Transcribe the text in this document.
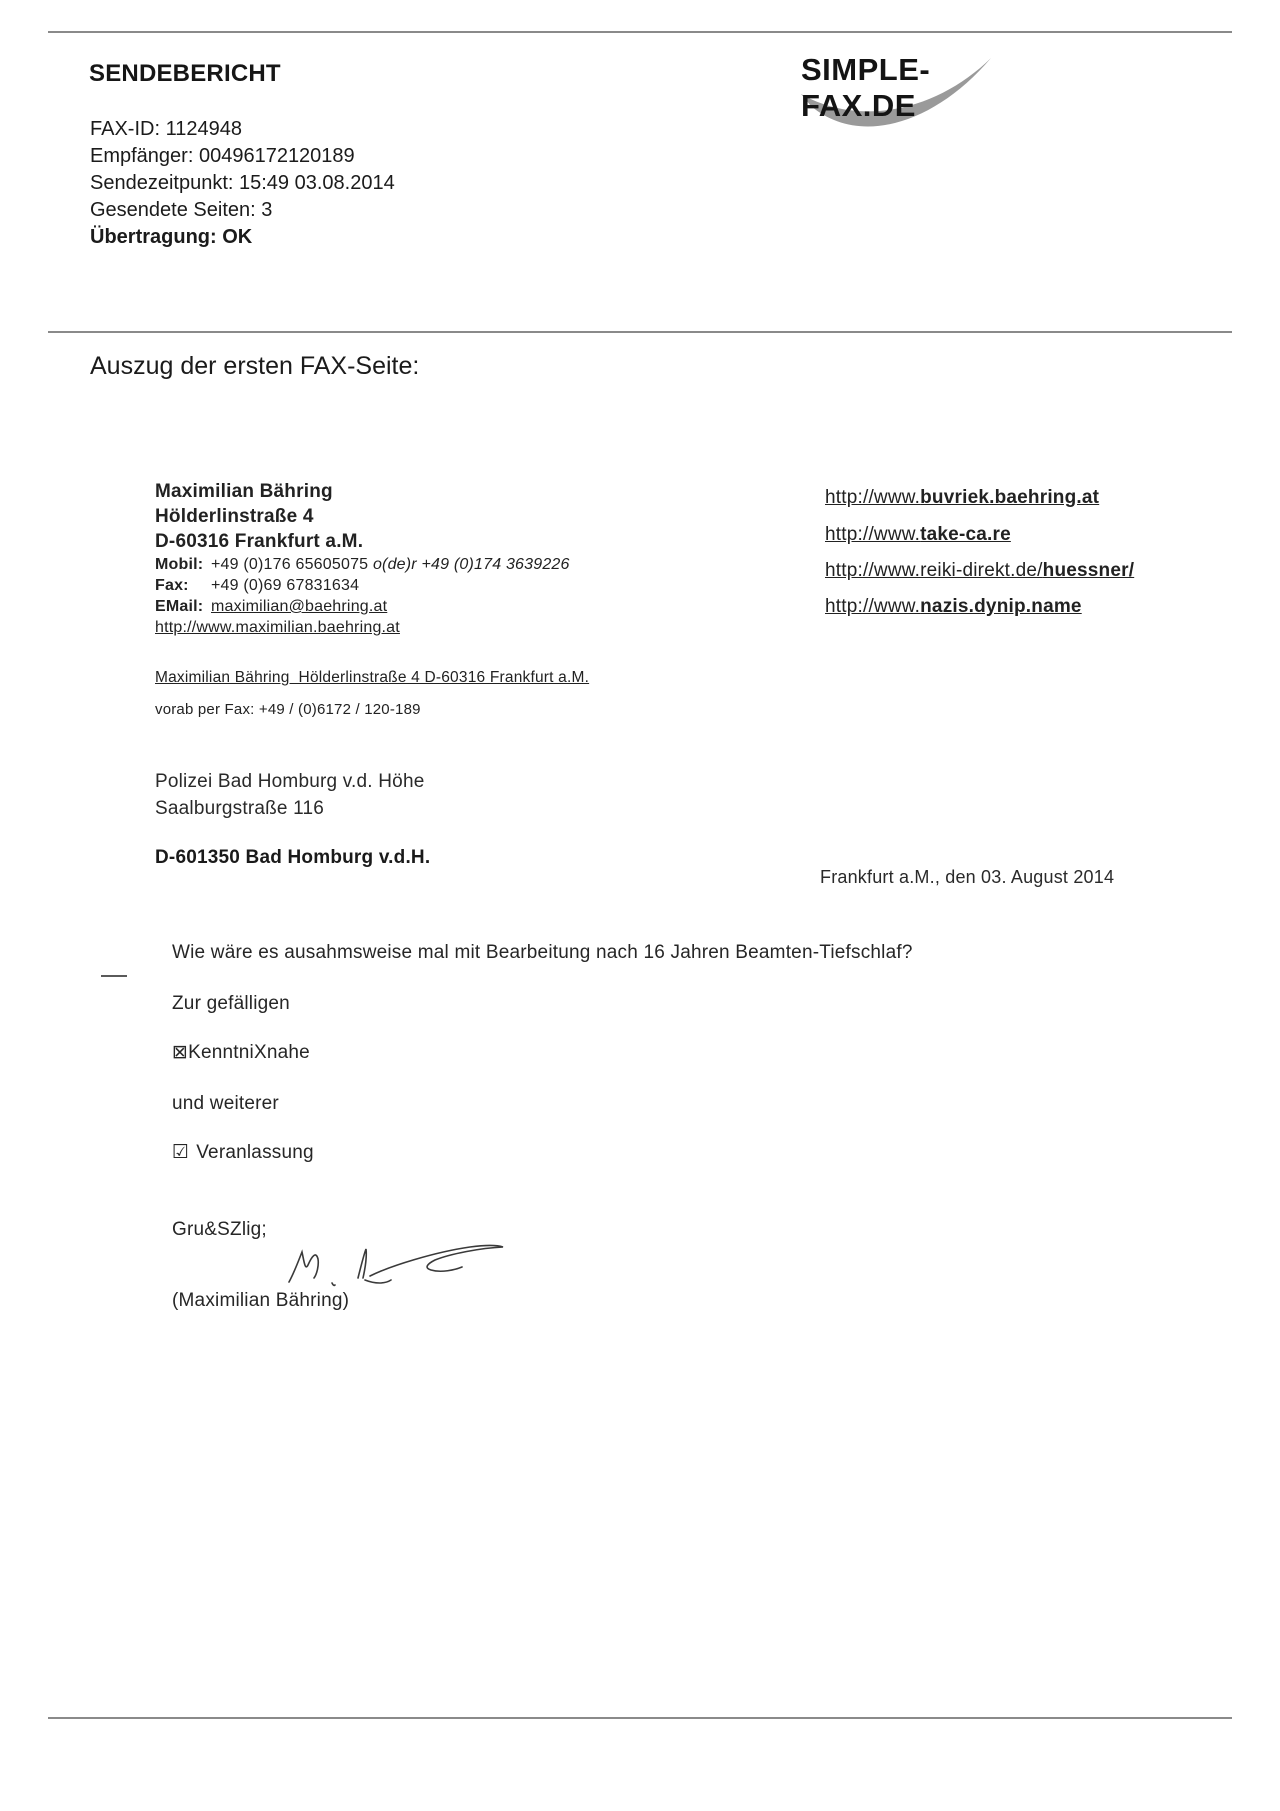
SENDEBERICHT	SIMPLE-FAX.DE
FAX-ID: 1124948
Empfänger: 00496172120189
Sendezeitpunkt: 15:49 03.08.2014
Gesendete Seiten: 3
Übertragung: OK
Auszug der ersten FAX-Seite:
Maximilian Bähring
Hölderlinstraße 4
D-60316 Frankfurt a.M.
Mobil: +49 (0)176 65605075 o(de)r +49 (0)174 3639226
Fax: +49 (0)69 67831634
EMail: maximilian@baehring.at
http://www.maximilian.baehring.at
http://www.buvriek.baehring.at
http://www.take-ca.re
http://www.reiki-direkt.de/huessner/
http://www.nazis.dynip.name
Maximilian Bähring  Hölderlinstraße 4 D-60316 Frankfurt a.M.
vorab per Fax: +49 / (0)6172 / 120-189
Polizei Bad Homburg v.d. Höhe
Saalburgstraße 116
D-601350 Bad Homburg v.d.H.
Frankfurt a.M., den 03. August 2014
Wie wäre es ausahmsweise mal mit Bearbeitung nach 16 Jahren Beamten-Tiefschlaf?
Zur gefälligen
⊠KenntniXnahe
und weiterer
☑ Veranlassung
Gru&SZlig;
(Maximilian Bähring)
